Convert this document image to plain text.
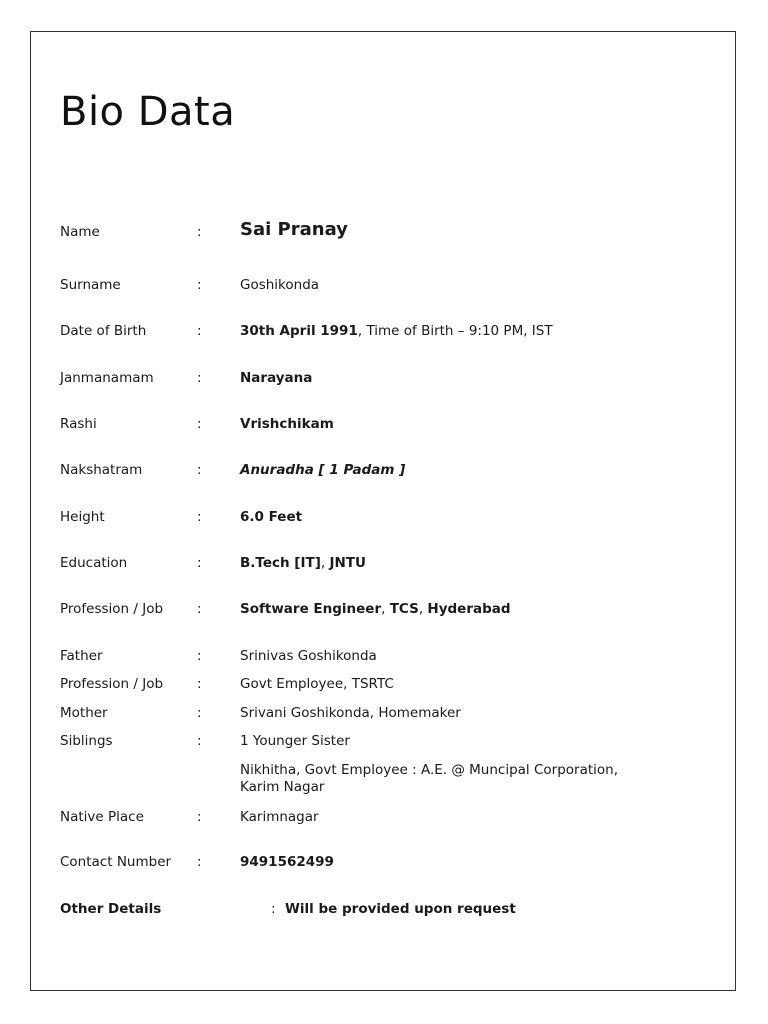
Bio Data
Name	: Sai Pranay
Surname	:	Goshikonda
Date of Birth	:	30th April 1991, Time of Birth – 9:10 PM, IST
Janmanamam	:	Narayana
Rashi	:	Vrishchikam
Nakshatram	:	Anuradha [ 1 Padam ]
Height	:	6.0 Feet
Education	:	B.Tech [IT], JNTU
Profession / Job	:	Software Engineer, TCS, Hyderabad
Father	:	Srinivas Goshikonda
Profession / Job	:	Govt Employee, TSRTC
Mother	:	Srivani Goshikonda, Homemaker
Siblings	:	1 Younger Sister
Nikhitha, Govt Employee : A.E. @ Muncipal Corporation, Karim Nagar
Native Place	:	Karimnagar
Contact Number :	9491562499
Other Details	: Will be provided upon request
